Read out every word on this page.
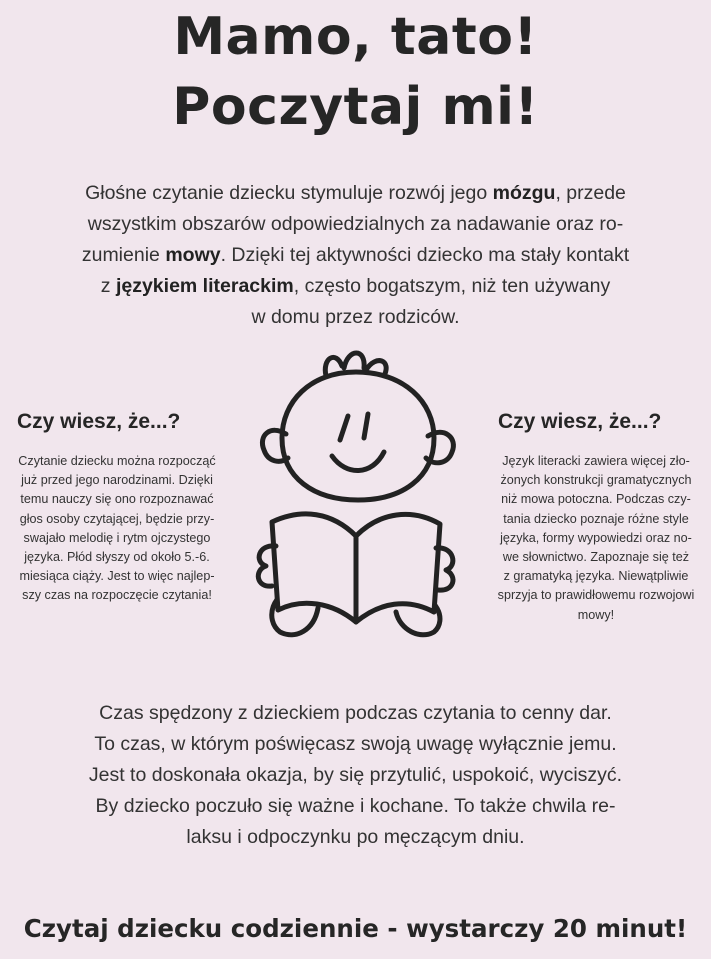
Mamo, tato!
Poczytaj mi!
Głośne czytanie dziecku stymuluje rozwój jego mózgu, przede
wszystkim obszarów odpowiedzialnych za nadawanie oraz ro-
zumienie mowy. Dzięki tej aktywności dziecko ma stały kontakt
z językiem literackim, często bogatszym, niż ten używany
w domu przez rodziców.
Czy wiesz, że...?
Czytanie dziecku można rozpocząć
już przed jego narodzinami. Dzięki
temu nauczy się ono rozpoznawać
głos osoby czytającej, będzie przy-
swajało melodię i rytm ojczystego
języka. Płód słyszy od około 5.-6.
miesiąca ciąży. Jest to więc najlep-
szy czas na rozpoczęcie czytania!
Czy wiesz, że...?
Język literacki zawiera więcej zło-
żonych konstrukcji gramatycznych
niż mowa potoczna. Podczas czy-
tania dziecko poznaje różne style
języka, formy wypowiedzi oraz no-
we słownictwo. Zapoznaje się też
z gramatyką języka. Niewątpliwie
sprzyja to prawidłowemu rozwojowi
mowy!
Czas spędzony z dzieckiem podczas czytania to cenny dar.
To czas, w którym poświęcasz swoją uwagę wyłącznie jemu.
Jest to doskonała okazja, by się przytulić, uspokoić, wyciszyć.
By dziecko poczuło się ważne i kochane. To także chwila re-
laksu i odpoczynku po męczącym dniu.
Czytaj dziecku codziennie - wystarczy 20 minut!
